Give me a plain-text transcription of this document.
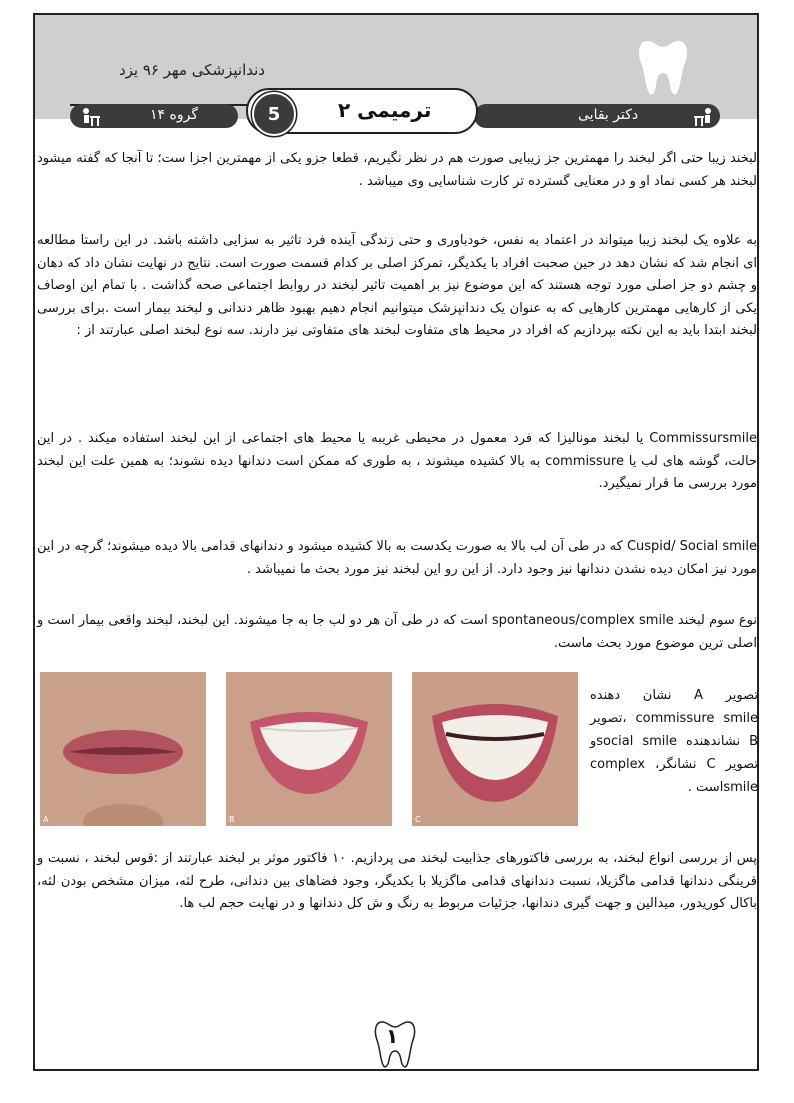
دندانپزشکی مهر ۹۶ یزد
گروه ۱۴	دکتر بقایی
5	ترمیمی ۲
لبخند زیبا حتی اگر لبخند را مهمترین جز زیبایی صورت هم در نظر نگیریم، قطعا جزو یکی از مهمترین اجزا ست؛ تا آنجا که گفته میشود لبخند هر کسی نماد او و در معنایی گسترده تر کارت شناسایی وی میباشد .
به علاوه یک لبخند زیبا میتواند در اعتماد به نفس، خودباوری و حتی زندگی آینده فرد تاثیر به سزایی داشته باشد. در این راستا مطالعه ای انجام شد که نشان دهد در حین صحبت افراد با یکدیگر، تمرکز اصلی بر کدام قسمت صورت است. نتایج در نهایت نشان داد که دهان و چشم دو جز اصلی مورد توجه هستند که این موضوع نیز بر اهمیت تاثیر لبخند در روابط اجتماعی صحه گذاشت . با تمام این اوصاف یکی از کارهایی مهمترین کارهایی که به عنوان یک دندانپزشک میتوانیم انجام دهیم بهبود ظاهر دندانی و لبخند بیمار است .برای بررسی لبخند ابتدا باید به این نکته بپردازیم که افراد در محیط های متفاوت لبخند های متفاوتی نیز دارند. سه نوع لبخند اصلی عبارتند از :
Commissursmile یا لبخند مونالیزا که فرد معمول در محیطی غریبه یا محیط های اجتماعی از این لبخند استفاده میکند . در این حالت، گوشه های لب یا commissure به بالا کشیده میشوند ، به طوری که ممکن است دندانها دیده نشوند؛ به همین علت این لبخند مورد بررسی ما قرار نمیگیرد.
Cuspid/ Social smile که در طی آن لب بالا به صورت یکدست به بالا کشیده میشود و دندانهای قدامی بالا دیده میشوند؛ گرچه در این مورد نیز امکان دیده نشدن دندانها نیز وجود دارد. از این رو این لبخند نیز مورد بحث ما نمیباشد .
نوع سوم لبخند spontaneous/complex smile است که در طی آن هر دو لب جا به جا میشوند. این لبخند، لبخند واقعی بیمار است و اصلی ترین موضوع مورد بحث ماست.
A	B	C
تصویر A نشان دهنده commissure smile ،تصویر B نشاندهنده social smileو تصویر C نشانگر، complex smileاست .
پس از بررسی انواع لبخند، به بررسی فاکتورهای جذابیت لبخند می پردازیم. ۱۰ فاکتور موثر بر لبخند عبارتند از :قوس لبخند ، نسبت و قرینگی دندانها قدامی ماگزیلا، نسبت دندانهای قدامی ماگزیلا با یکدیگر، وجود فضاهای بین دندانی، طرح لثه، میزان مشخص بودن لثه، باکال کوریدور، میدالین و جهت گیری دندانها، جزئیات مربوط به رنگ و ش کل دندانها و در نهایت حجم لب ها.
۱
